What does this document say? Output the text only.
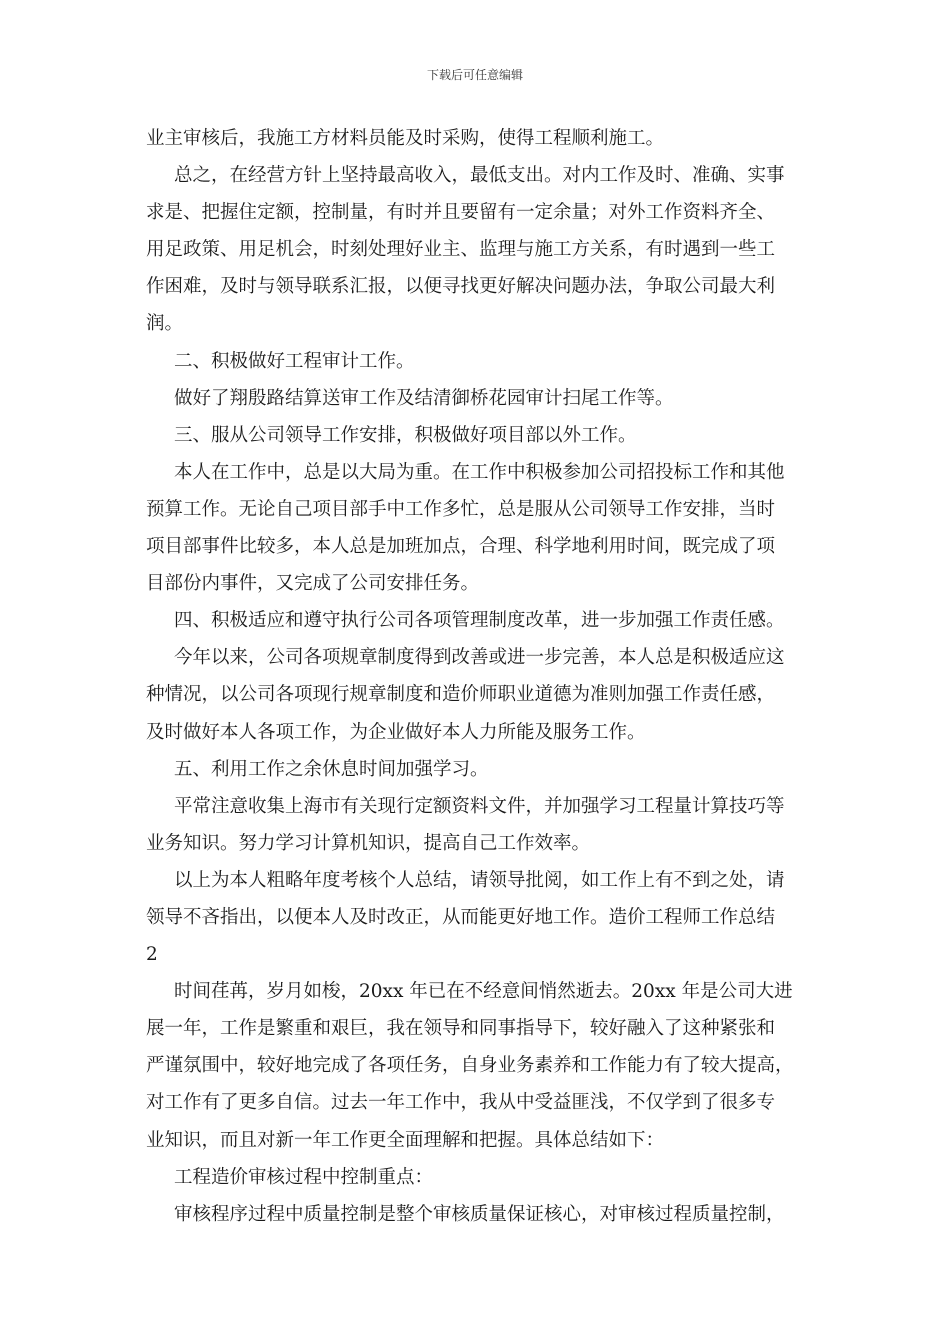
下载后可任意编辑
业主审核后，我施工方材料员能及时采购，使得工程顺利施工。
总之，在经营方针上坚持最高收入，最低支出。对内工作及时、准确、实事
求是、把握住定额，控制量，有时并且要留有一定余量；对外工作资料齐全、
用足政策、用足机会，时刻处理好业主、监理与施工方关系，有时遇到一些工
作困难，及时与领导联系汇报，以便寻找更好解决问题办法，争取公司最大利
润。
二、积极做好工程审计工作。
做好了翔殷路结算送审工作及结清御桥花园审计扫尾工作等。
三、服从公司领导工作安排，积极做好项目部以外工作。
本人在工作中，总是以大局为重。在工作中积极参加公司招投标工作和其他
预算工作。无论自己项目部手中工作多忙，总是服从公司领导工作安排，当时
项目部事件比较多，本人总是加班加点，合理、科学地利用时间，既完成了项
目部份内事件，又完成了公司安排任务。
四、积极适应和遵守执行公司各项管理制度改革，进一步加强工作责任感。
今年以来，公司各项规章制度得到改善或进一步完善，本人总是积极适应这
种情况，以公司各项现行规章制度和造价师职业道德为准则加强工作责任感，
及时做好本人各项工作，为企业做好本人力所能及服务工作。
五、利用工作之余休息时间加强学习。
平常注意收集上海市有关现行定额资料文件，并加强学习工程量计算技巧等
业务知识。努力学习计算机知识，提高自己工作效率。
以上为本人粗略年度考核个人总结，请领导批阅，如工作上有不到之处，请
领导不吝指出，以便本人及时改正，从而能更好地工作。造价工程师工作总结
2
时间荏苒，岁月如梭，20xx 年已在不经意间悄然逝去。20xx 年是公司大进
展一年，工作是繁重和艰巨，我在领导和同事指导下，较好融入了这种紧张和
严谨氛围中，较好地完成了各项任务，自身业务素养和工作能力有了较大提高，
对工作有了更多自信。过去一年工作中，我从中受益匪浅，不仅学到了很多专
业知识，而且对新一年工作更全面理解和把握。具体总结如下：
工程造价审核过程中控制重点：
审核程序过程中质量控制是整个审核质量保证核心，对审核过程质量控制，
